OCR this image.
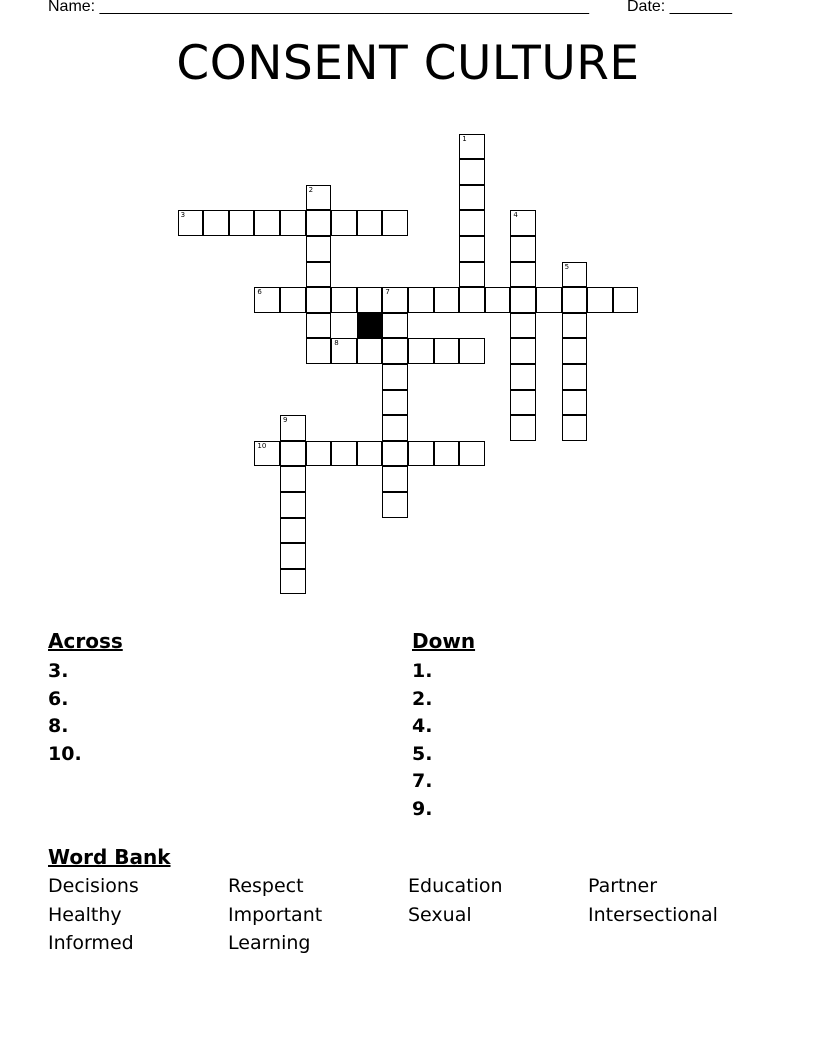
Name: _______________________________________________________ Date: _______
CONSENT CULTURE
1
2
3	4
5
6	7
8
9
10
Across
3.
6.
8.
10.
Down
1.
2.
4.
5.
7.
9.
Word Bank
Decisions	Respect	Education	Partner
Healthy	Important	Sexual	Intersectional
Informed	Learning
